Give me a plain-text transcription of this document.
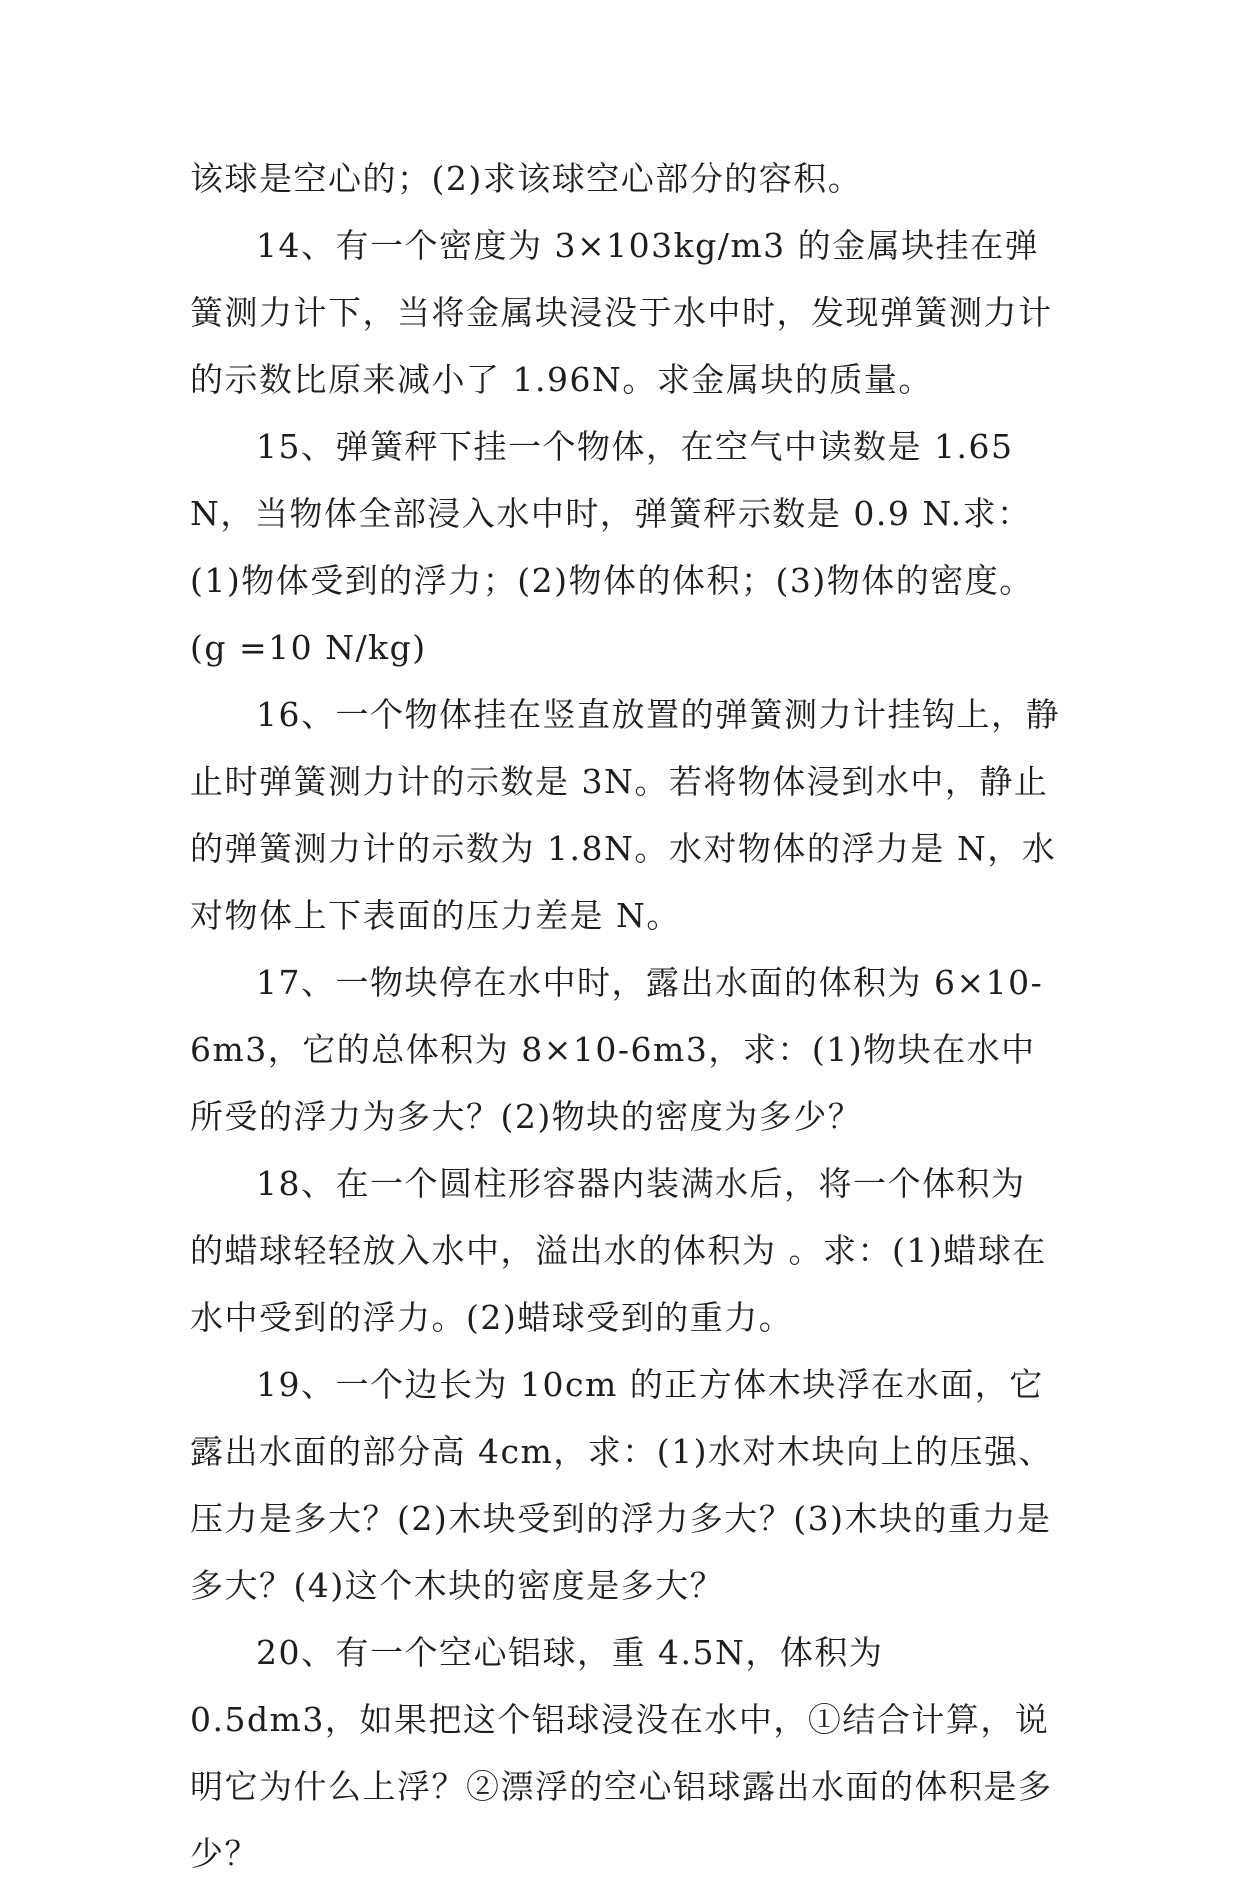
该球是空心的；(2)求该球空心部分的容积。

14、有一个密度为 3×103kg/m3 的金属块挂在弹簧测力计下，当将金属块浸没于水中时，发现弹簧测力计的示数比原来减小了 1.96N。求金属块的质量。

15、弹簧秤下挂一个物体，在空气中读数是 1.65 N，当物体全部浸入水中时，弹簧秤示数是 0.9 N.求：(1)物体受到的浮力；(2)物体的体积；(3)物体的密度。(g =10 N/kg)

16、一个物体挂在竖直放置的弹簧测力计挂钩上，静止时弹簧测力计的示数是 3N。若将物体浸到水中，静止的弹簧测力计的示数为 1.8N。水对物体的浮力是 N，水对物体上下表面的压力差是 N。

17、一物块停在水中时，露出水面的体积为 6×10-6m3，它的总体积为 8×10-6m3，求：(1)物块在水中所受的浮力为多大？(2)物块的密度为多少？

18、在一个圆柱形容器内装满水后，将一个体积为 的蜡球轻轻放入水中，溢出水的体积为 。求：(1)蜡球在水中受到的浮力。(2)蜡球受到的重力。

19、一个边长为 10cm 的正方体木块浮在水面，它露出水面的部分高 4cm，求：(1)水对木块向上的压强、压力是多大？(2)木块受到的浮力多大？(3)木块的重力是多大？(4)这个木块的密度是多大？

20、有一个空心铝球，重 4.5N，体积为 0.5dm3，如果把这个铝球浸没在水中，①结合计算，说明它为什么上浮？②漂浮的空心铝球露出水面的体积是多少？
